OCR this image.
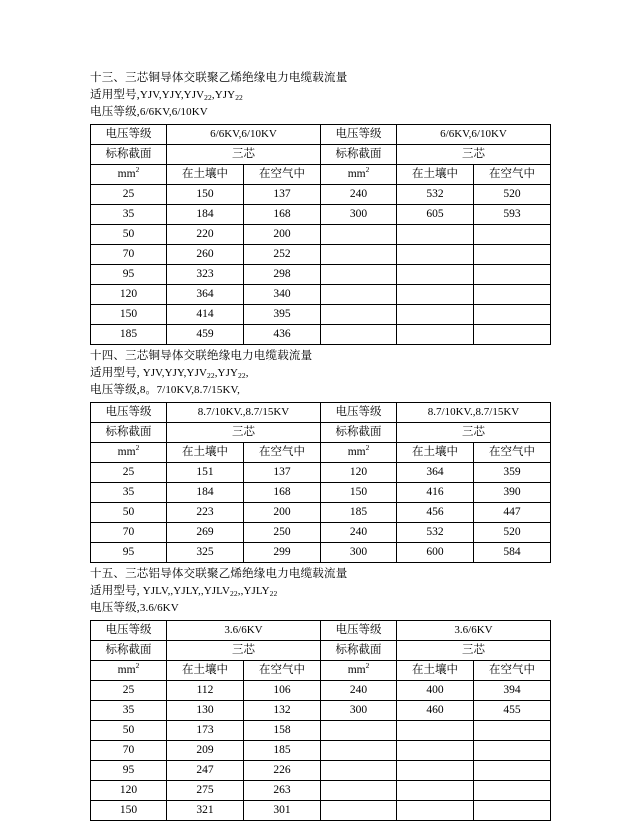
十三、三芯铜导体交联聚乙烯绝缘电力电缆载流量
适用型号$,YJV,YJY,YJV_{22},YJY_{22}$
电压等级,6/6KV,6/10KV
电压等级	6/6KV,6/10KV		电压等级	6/6KV,6/10KV	
标称截面	三芯		标称截面	三芯	
$mm^2$	在土壤中	在空气中	$mm^2$	在土壤中	在空气中
25	150	137	240	532	520
35	184	168	300	605	593
50	220	200			
70	260	252			
95	323	298			
120	364	340			
150	414	395			
185	459	436			
十四、三芯铜导体交联绝缘电力电缆载流量
适用型号, $YJV,YJY,YJV_{22},YJY_{22}$,
电压等级,8。7/10KV,8.7/15KV,
电压等级	8.7/10KV.,8.7/15KV		电压等级	8.7/10KV.,8.7/15KV	
标称截面	三芯		标称截面	三芯	
$mm^2$	在土壤中	在空气中	$mm^2$	在土壤中	在空气中
25	151	137	120	364	359
35	184	168	150	416	390
50	223	200	185	456	447
70	269	250	240	532	520
95	325	299	300	600	584
十五、三芯铝导体交联聚乙烯绝缘电力电缆载流量
适用型号, $YJLV,,YJLY,,YJLV_{22},,YJLY_{22}$
电压等级,3.6/6KV
电压等级	3.6/6KV		电压等级	3.6/6KV	
标称截面	三芯		标称截面	三芯	
$mm^2$	在土壤中	在空气中	$mm^2$	在土壤中	在空气中
25	112	106	240	400	394
35	130	132	300	460	455
50	173	158			
70	209	185			
95	247	226			
120	275	263			
150	321	301			
